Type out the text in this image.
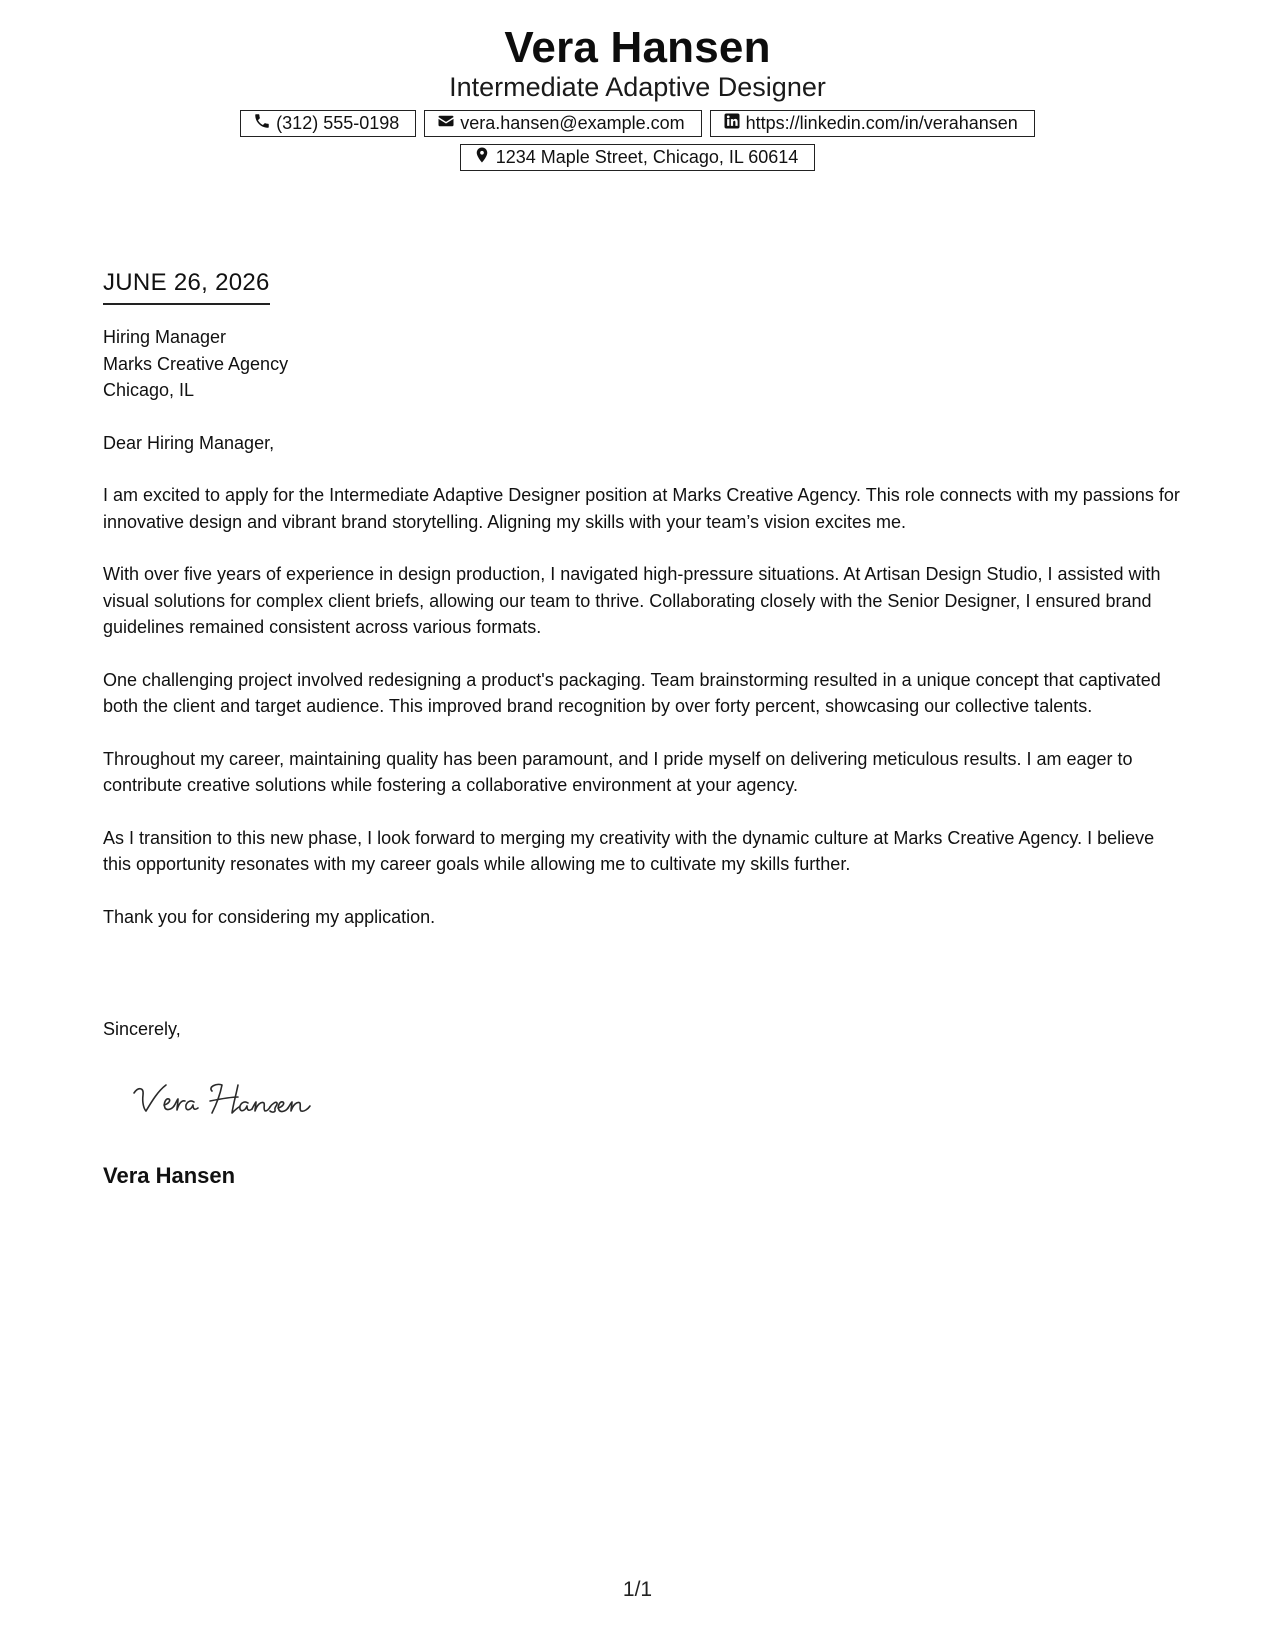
Vera Hansen
Intermediate Adaptive Designer
(312) 555-0198	vera.hansen@example.com	https://linkedin.com/in/verahansen
1234 Maple Street, Chicago, IL 60614
JUNE 26, 2026
Hiring Manager
Marks Creative Agency
Chicago, IL

Dear Hiring Manager,

I am excited to apply for the Intermediate Adaptive Designer position at Marks Creative Agency. This role connects with my passions for innovative design and vibrant brand storytelling. Aligning my skills with your team’s vision excites me.

With over five years of experience in design production, I navigated high-pressure situations. At Artisan Design Studio, I assisted with visual solutions for complex client briefs, allowing our team to thrive. Collaborating closely with the Senior Designer, I ensured brand guidelines remained consistent across various formats.

One challenging project involved redesigning a product's packaging. Team brainstorming resulted in a unique concept that captivated both the client and target audience. This improved brand recognition by over forty percent, showcasing our collective talents.

Throughout my career, maintaining quality has been paramount, and I pride myself on delivering meticulous results. I am eager to contribute creative solutions while fostering a collaborative environment at your agency.

As I transition to this new phase, I look forward to merging my creativity with the dynamic culture at Marks Creative Agency. I believe this opportunity resonates with my career goals while allowing me to cultivate my skills further.

Thank you for considering my application.

Sincerely,
Vera Hansen
1/1
